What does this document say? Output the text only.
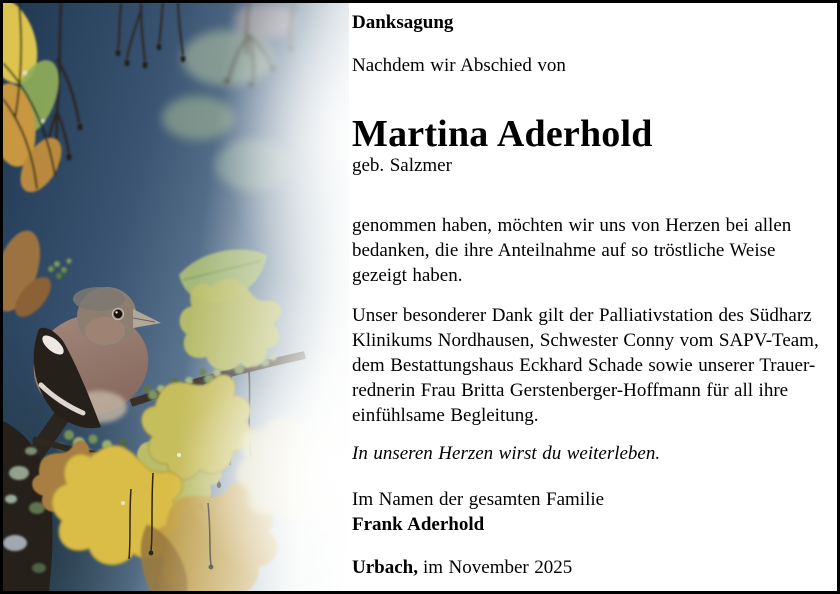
Danksagung
Nachdem wir Abschied von
Martina Aderhold
geb. Salzmer
genommen haben, möchten wir uns von Herzen bei allen
bedanken, die ihre Anteilnahme auf so tröstliche Weise
gezeigt haben.
Unser besonderer Dank gilt der Palliativstation des Südharz
Klinikums Nordhausen, Schwester Conny vom SAPV-Team,
dem Bestattungshaus Eckhard Schade sowie unserer Trauer-
rednerin Frau Britta Gerstenberger-Hoffmann für all ihre
einfühlsame Begleitung.
In unseren Herzen wirst du weiterleben.
Im Namen der gesamten Familie
Frank Aderhold
Urbach, im November 2025
